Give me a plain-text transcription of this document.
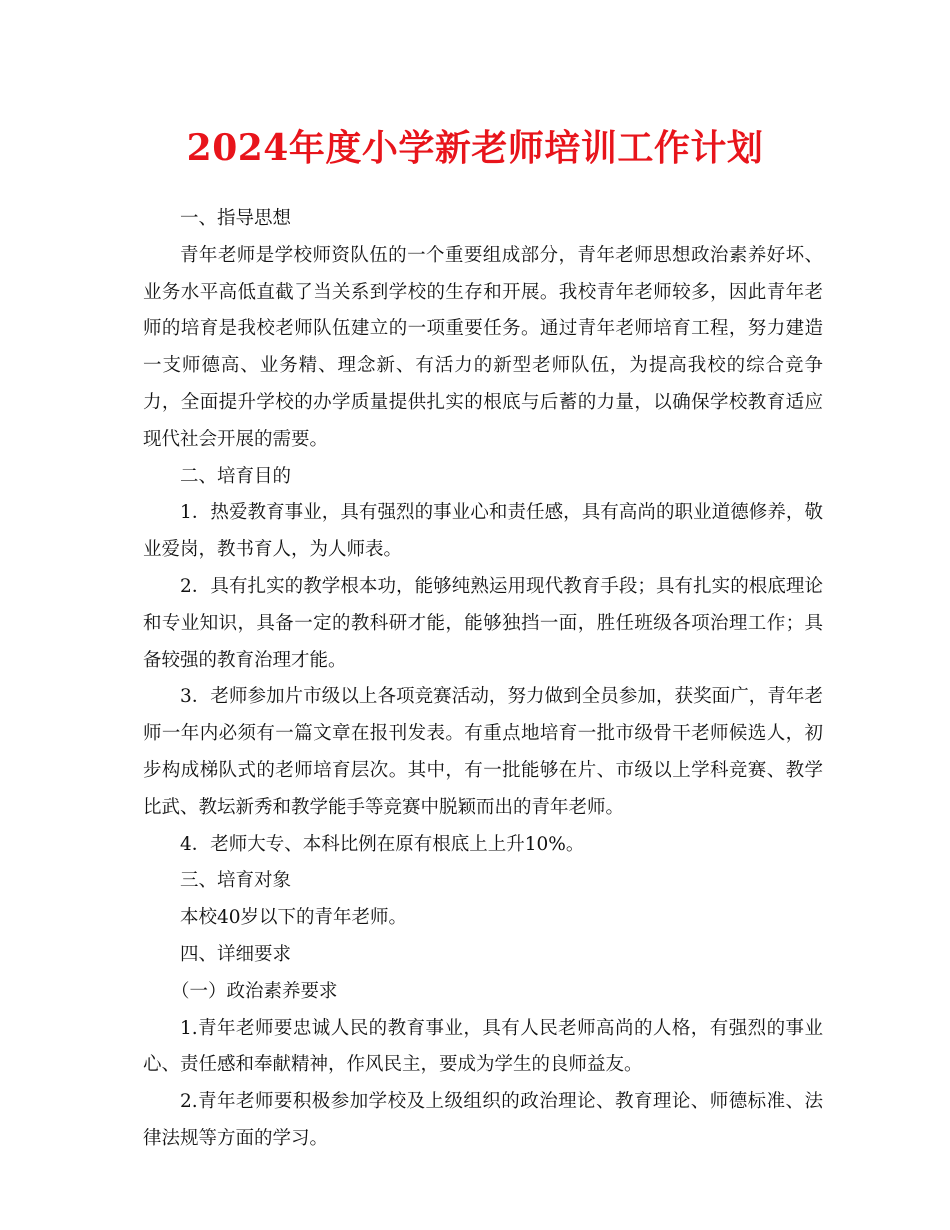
2024年度小学新老师培训工作计划

一、指导思想

青年老师是学校师资队伍的一个重要组成部分，青年老师思想政治素养好坏、业务水平高低直截了当关系到学校的生存和开展。我校青年老师较多，因此青年老师的培育是我校老师队伍建立的一项重要任务。通过青年老师培育工程，努力建造一支师德高、业务精、理念新、有活力的新型老师队伍，为提高我校的综合竞争力，全面提升学校的办学质量提供扎实的根底与后蓄的力量，以确保学校教育适应现代社会开展的需要。

二、培育目的

1．热爱教育事业，具有强烈的事业心和责任感，具有高尚的职业道德修养，敬业爱岗，教书育人，为人师表。

2．具有扎实的教学根本功，能够纯熟运用现代教育手段；具有扎实的根底理论和专业知识，具备一定的教科研才能，能够独挡一面，胜任班级各项治理工作；具备较强的教育治理才能。

3．老师参加片市级以上各项竞赛活动，努力做到全员参加，获奖面广，青年老师一年内必须有一篇文章在报刊发表。有重点地培育一批市级骨干老师候选人，初步构成梯队式的老师培育层次。其中，有一批能够在片、市级以上学科竞赛、教学比武、教坛新秀和教学能手等竞赛中脱颖而出的青年老师。

4．老师大专、本科比例在原有根底上上升10%。

三、培育对象

本校40岁以下的青年老师。

四、详细要求

（一）政治素养要求

1.青年老师要忠诚人民的教育事业，具有人民老师高尚的人格，有强烈的事业心、责任感和奉献精神，作风民主，要成为学生的良师益友。

2.青年老师要积极参加学校及上级组织的政治理论、教育理论、师德标准、法律法规等方面的学习。
